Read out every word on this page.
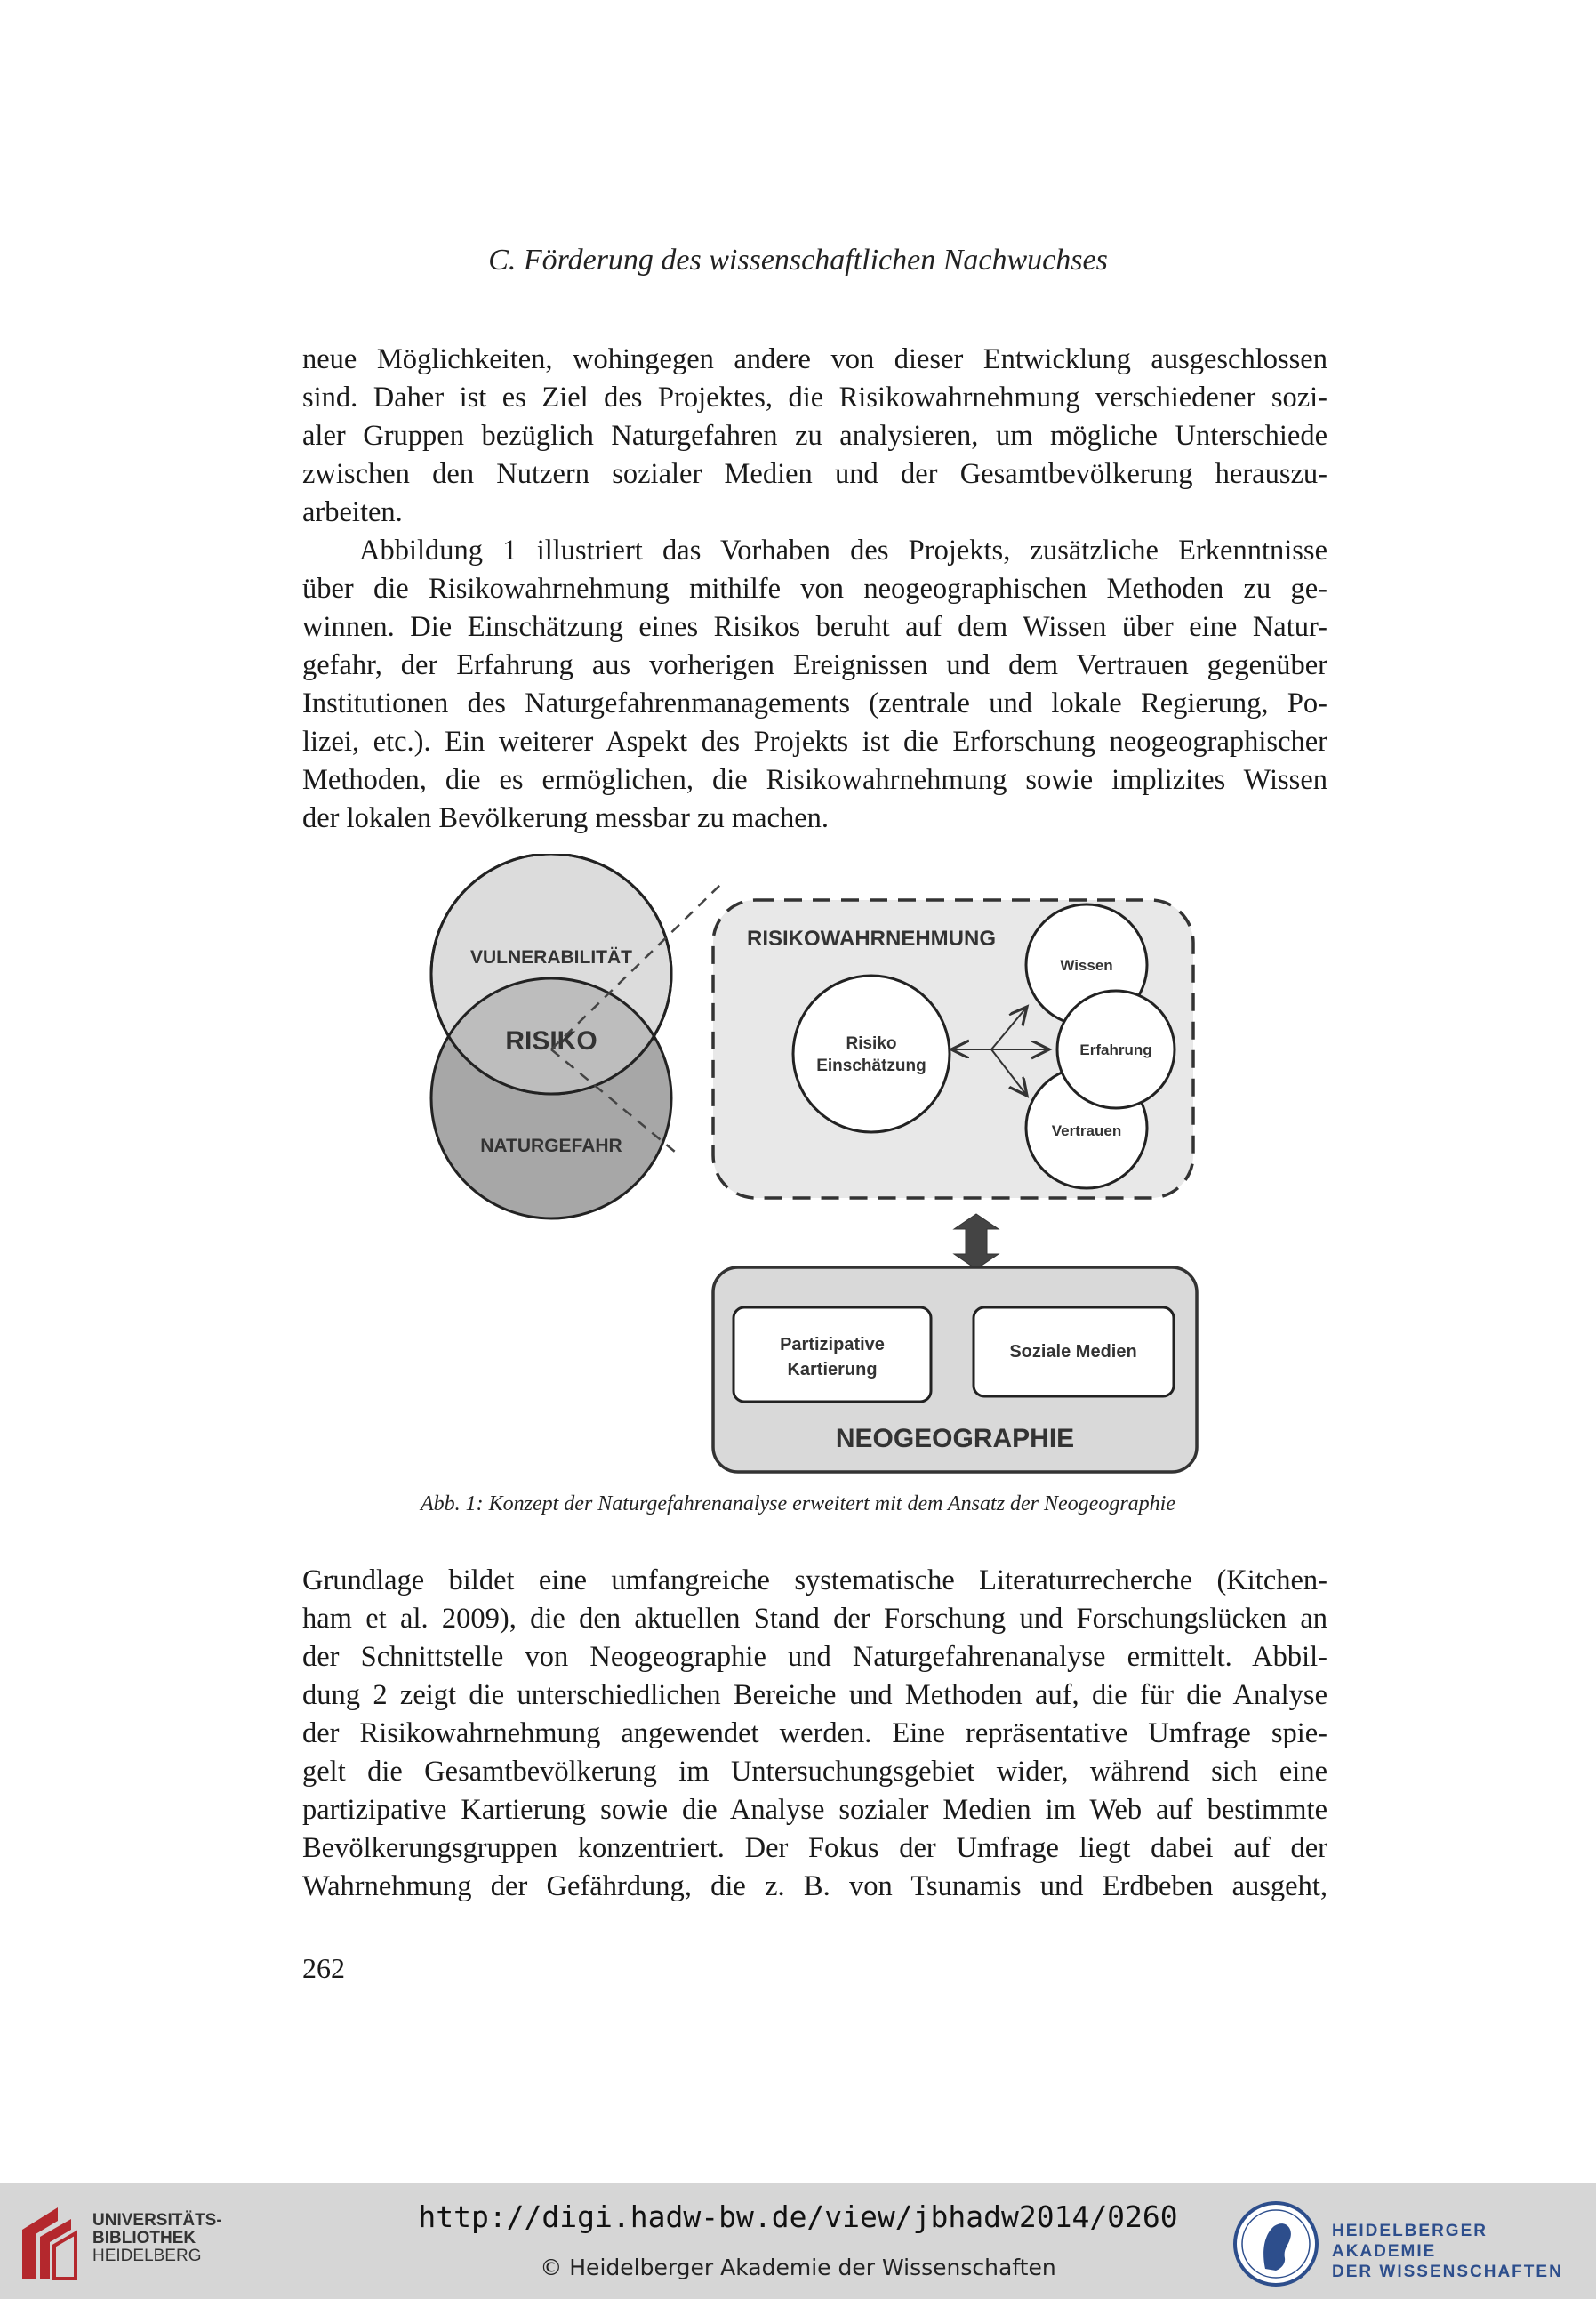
C. Förderung des wissenschaftlichen Nachwuchses
neue Möglichkeiten, wohingegen andere von dieser Entwicklung ausgeschlossen
sind. Daher ist es Ziel des Projektes, die Risikowahrnehmung verschiedener sozi-
aler Gruppen bezüglich Naturgefahren zu analysieren, um mögliche Unterschiede
zwischen den Nutzern sozialer Medien und der Gesamtbevölkerung herauszu-
arbeiten.
Abbildung 1 illustriert das Vorhaben des Projekts, zusätzliche Erkenntnisse
über die Risikowahrnehmung mithilfe von neogeographischen Methoden zu ge-
winnen. Die Einschätzung eines Risikos beruht auf dem Wissen über eine Natur-
gefahr, der Erfahrung aus vorherigen Ereignissen und dem Vertrauen gegenüber
Institutionen des Naturgefahrenmanagements (zentrale und lokale Regierung, Po-
lizei, etc.). Ein weiterer Aspekt des Projekts ist die Erforschung neogeographischer
Methoden, die es ermöglichen, die Risikowahrnehmung sowie implizites Wissen
der lokalen Bevölkerung messbar zu machen.
VULNERABILITÄT
RISIKO
NATURGEFAHR
RISIKOWAHRNEHMUNG
Risiko
Einschätzung
Wissen
Erfahrung
Vertrauen
Partizipative
Kartierung
Soziale Medien
NEOGEOGRAPHIE
Abb. 1: Konzept der Naturgefahrenanalyse erweitert mit dem Ansatz der Neogeographie
Grundlage bildet eine umfangreiche systematische Literaturrecherche (Kitchen-
ham et al. 2009), die den aktuellen Stand der Forschung und Forschungslücken an
der Schnittstelle von Neogeographie und Naturgefahrenanalyse ermittelt. Abbil-
dung 2 zeigt die unterschiedlichen Bereiche und Methoden auf, die für die Analyse
der Risikowahrnehmung angewendet werden. Eine repräsentative Umfrage spie-
gelt die Gesamtbevölkerung im Untersuchungsgebiet wider, während sich eine
partizipative Kartierung sowie die Analyse sozialer Medien im Web auf bestimmte
Bevölkerungsgruppen konzentriert. Der Fokus der Umfrage liegt dabei auf der
Wahrnehmung der Gefährdung, die z. B. von Tsunamis und Erdbeben ausgeht,
262
UNIVERSITÄTS-
BIBLIOTHEK
HEIDELBERG
http://digi.hadw-bw.de/view/jbhadw2014/0260
© Heidelberger Akademie der Wissenschaften
HEIDELBERGER AKADEMIE
DER WISSENSCHAFTEN
